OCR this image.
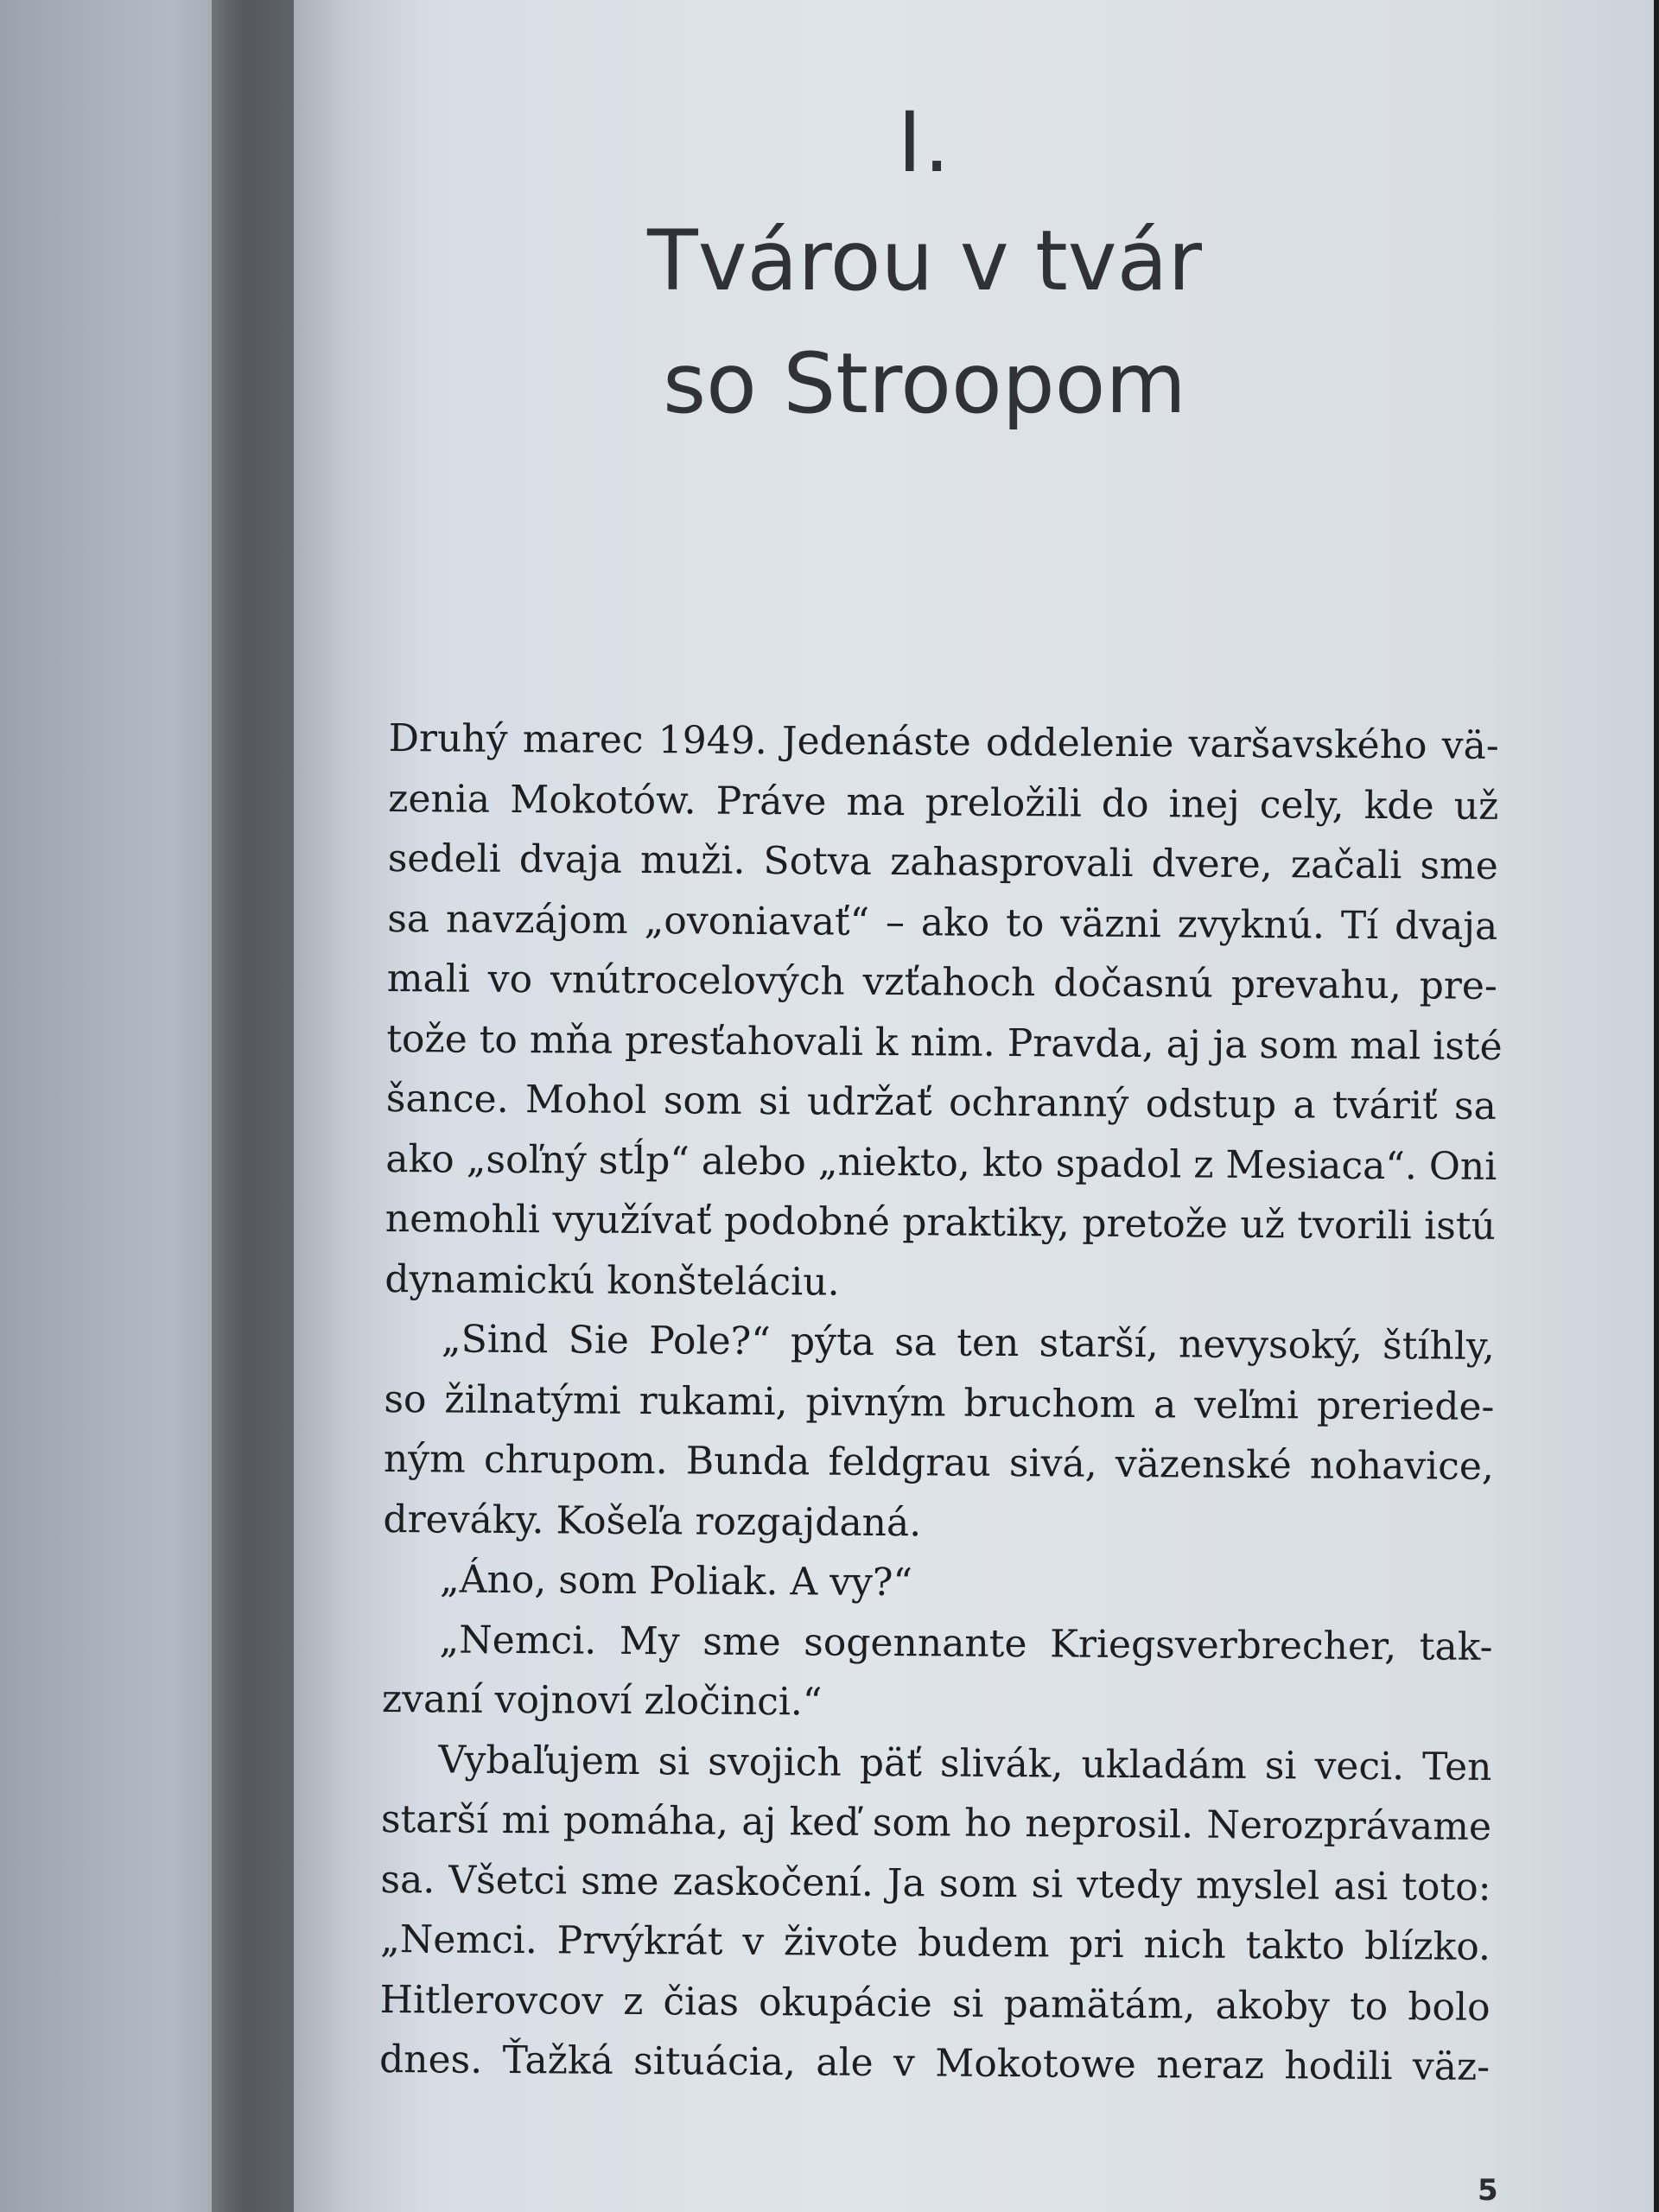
I.
Tvárou v tvár
so Stroopom
Druhý marec 1949. Jedenáste oddelenie varšavského vä-
zenia Mokotów. Práve ma preložili do inej cely, kde už
sedeli dvaja muži. Sotva zahasprovali dvere, začali sme
sa navzájom „ovoniavať“ – ako to väzni zvyknú. Tí dvaja
mali vo vnútrocelových vzťahoch dočasnú prevahu, pre-
tože to mňa presťahovali k nim. Pravda, aj ja som mal isté
šance. Mohol som si udržať ochranný odstup a tváriť sa
ako „soľný stĺp“ alebo „niekto, kto spadol z Mesiaca“. Oni
nemohli využívať podobné praktiky, pretože už tvorili istú
dynamickú konšteláciu.
„Sind Sie Pole?“ pýta sa ten starší, nevysoký, štíhly,
so žilnatými rukami, pivným bruchom a veľmi preriede-
ným chrupom. Bunda feldgrau sivá, väzenské nohavice,
dreváky. Košeľa rozgajdaná.
„Áno, som Poliak. A vy?“
„Nemci. My sme sogennante Kriegsverbrecher, tak-
zvaní vojnoví zločinci.“
Vybaľujem si svojich päť slivák, ukladám si veci. Ten
starší mi pomáha, aj keď som ho neprosil. Nerozprávame
sa. Všetci sme zaskočení. Ja som si vtedy myslel asi toto:
„Nemci. Prvýkrát v živote budem pri nich takto blízko.
Hitlerovcov z čias okupácie si pamätám, akoby to bolo
dnes. Ťažká situácia, ale v Mokotowe neraz hodili väz-
5
